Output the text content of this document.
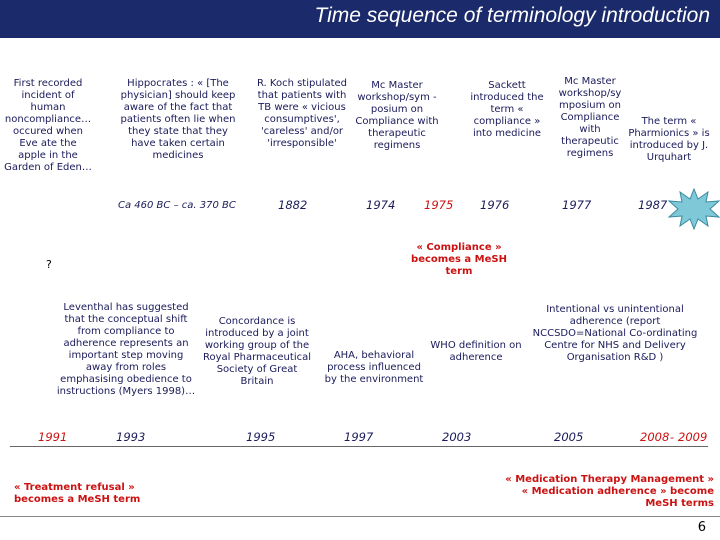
Time sequence of terminology introduction
First recorded incident of human noncompliance… occured when Eve ate the apple in the Garden of Eden…
Hippocrates : « [The physician] should keep aware of the fact that patients often lie when they state that they have taken certain medicines
R. Koch stipulated that patients with TB were « vicious consumptives', 'careless' and/or 'irresponsible'
Mc Master workshop/sym -posium on Compliance with therapeutic regimens
Sackett introduced the term « compliance » into medicine
Mc Master workshop/sy mposium on Compliance with therapeutic regimens
The term « Pharmionics » is introduced by J. Urquhart
Ca 460 BC – ca. 370 BC	1882	1974 1975 1976	1977	1987
« Compliance » becomes a MeSH term
?
Leventhal has suggested that the conceptual shift from compliance to adherence represents an important step moving away from roles emphasising obedience to instructions (Myers 1998)…
Concordance is introduced by a joint working group of the Royal Pharmaceutical Society of Great Britain
AHA, behavioral process influenced by the environment
WHO definition on adherence
Intentional vs unintentional adherence (report NCCSDO=National Co-ordinating Centre for NHS and Delivery Organisation R&D )
1991	1993	1995	1997	2003	2005	2008 - 2009
« Treatment refusal » becomes a MeSH term
« Medication Therapy Management » « Medication adherence » become MeSH terms
6
